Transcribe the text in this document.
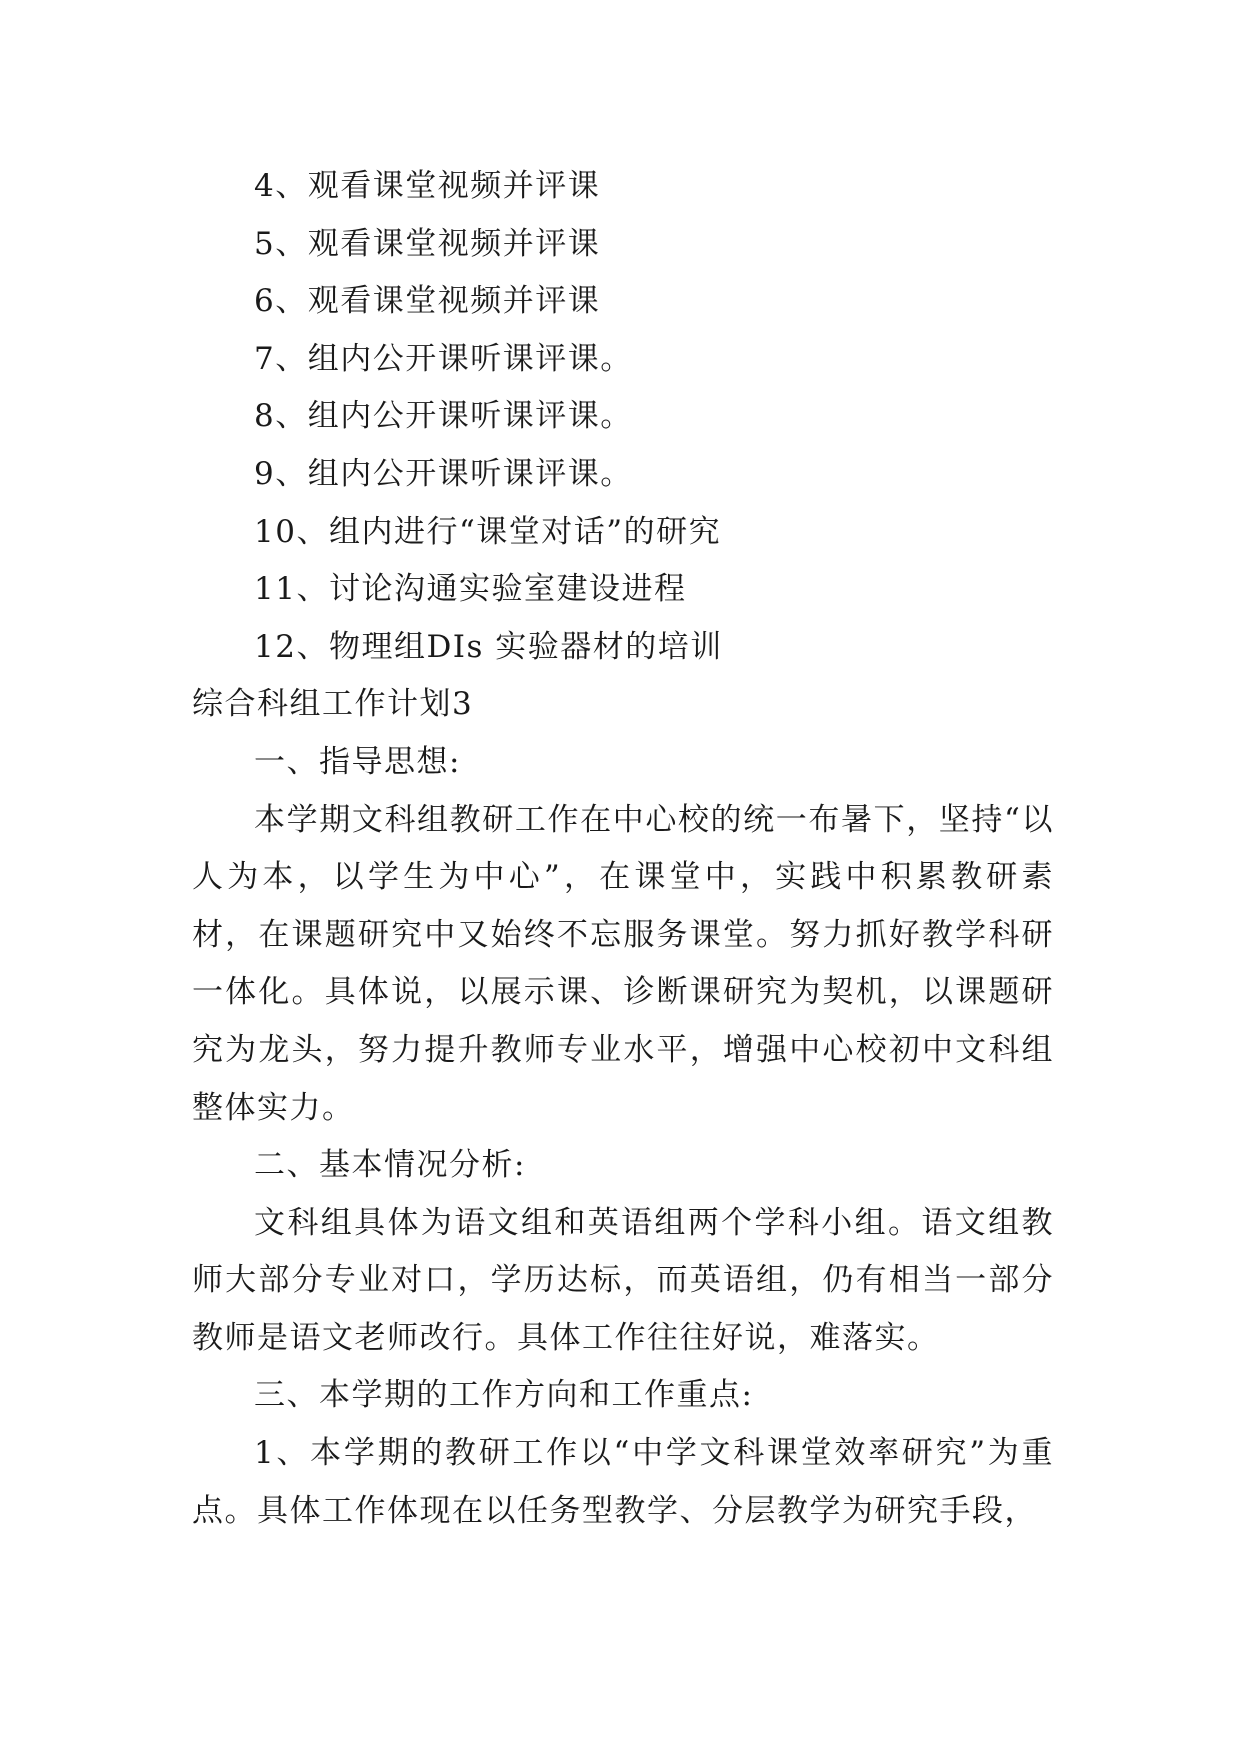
4、观看课堂视频并评课
5、观看课堂视频并评课
6、观看课堂视频并评课
7、组内公开课听课评课。
8、组内公开课听课评课。
9、组内公开课听课评课。
10、组内进行“课堂对话”的研究
11、讨论沟通实验室建设进程
12、物理组DIs 实验器材的培训
综合科组工作计划3
一、指导思想:

本学期文科组教研工作在中心校的统一布暑下，坚持“以人为本，以学生为中心”，在课堂中，实践中积累教研素材，在课题研究中又始终不忘服务课堂。努力抓好教学科研一体化。具体说，以展示课、诊断课研究为契机，以课题研究为龙头，努力提升教师专业水平，增强中心校初中文科组整体实力。

二、基本情况分析:

文科组具体为语文组和英语组两个学科小组。语文组教师大部分专业对口，学历达标，而英语组，仍有相当一部分教师是语文老师改行。具体工作往往好说，难落实。

三、本学期的工作方向和工作重点:

1、本学期的教研工作以“中学文科课堂效率研究”为重点。具体工作体现在以任务型教学、分层教学为研究手段，
